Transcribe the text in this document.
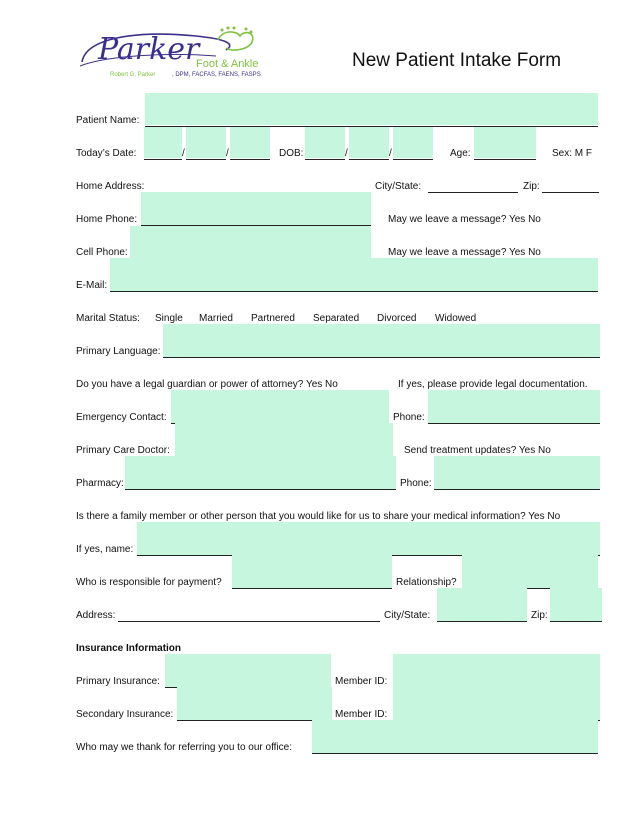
Parker
Foot & Ankle
Robert G. Parker	, DPM, FACFAS, FAENS, FASPS
New Patient Intake Form
Patient Name:
Today’s Date:	/	/	DOB:	/	/	Age:	Sex: M F
Home Address:	City/State:	Zip:
Home Phone:	May we leave a message? Yes No
Cell Phone:	May we leave a message? Yes No
E-Mail:
Marital Status: Single Married Partnered Separated Divorced Widowed
Primary Language:
Do you have a legal guardian or power of attorney? Yes No	If yes, please provide legal documentation.
Emergency Contact:	Phone:
Primary Care Doctor:	Send treatment updates? Yes No
Pharmacy:	Phone:
Is there a family member or other person that you would like for us to share your medical information? Yes No
If yes, name:
Who is responsible for payment?	Relationship?
Address:	City/State:	Zip:
Insurance Information
Primary Insurance:	Member ID:
Secondary Insurance:	Member ID:
Who may we thank for referring you to our office:
